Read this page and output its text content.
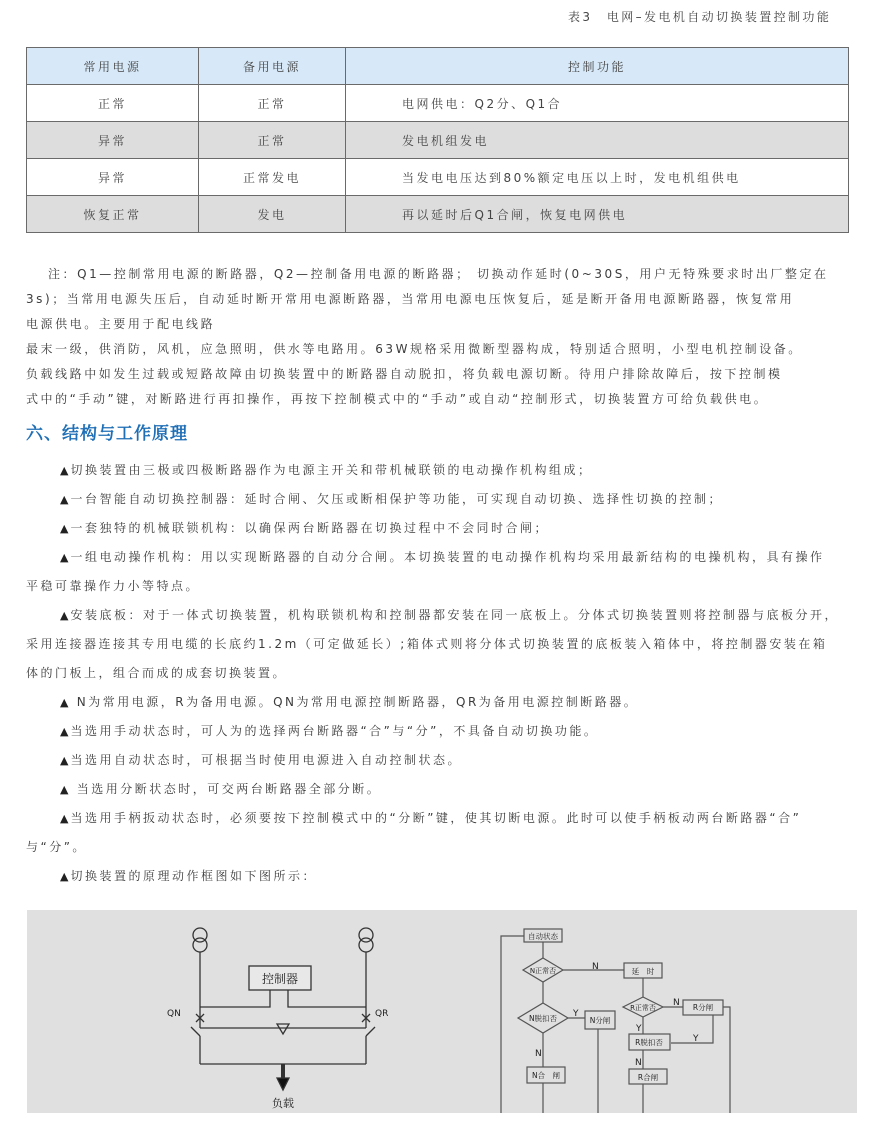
表3　电网–发电机自动切换装置控制功能
常用电源	备用电源	控制功能
正常	正常	电网供电：Q2分、Q1合
异常	正常	发电机组发电
异常	正常发电	当发电电压达到80%额定电压以上时，发电机组供电
恢复正常	发电	再以延时后Q1合闸，恢复电网供电
注：Q1—控制常用电源的断路器，Q2—控制备用电源的断路器； 切换动作延时(0~30S，用户无特殊要求时出厂整定在
3s)；当常用电源失压后，自动延时断开常用电源断路器，当常用电源电压恢复后，延是断开备用电源断路器，恢复常用
电源供电。主要用于配电线路
最末一级，供消防，风机，应急照明，供水等电路用。63W规格采用微断型器构成，特别适合照明，小型电机控制设备。
负载线路中如发生过载或短路故障由切换装置中的断路器自动脱扣，将负载电源切断。待用户排除故障后，按下控制模
式中的“手动”键，对断路进行再扣操作，再按下控制模式中的“手动”或自动“控制形式，切换装置方可给负载供电。
六、结构与工作原理
▲ 切换装置由三极或四极断路器作为电源主开关和带机械联锁的电动操作机构组成；
▲ 一台智能自动切换控制器：延时合闸、欠压或断相保护等功能，可实现自动切换、选择性切换的控制；
▲ 一套独特的机械联锁机构：以确保两台断路器在切换过程中不会同时合闸；
▲ 一组电动操作机构：用以实现断路器的自动分合闸。本切换装置的电动操作机构均采用最新结构的电操机构，具有操作
平稳可靠操作力小等特点。
▲ 安装底板：对于一体式切换装置，机构联锁机构和控制器都安装在同一底板上。分体式切换装置则将控制器与底板分开，
采用连接器连接其专用电缆的长底约1.2m（可定做延长）;箱体式则将分体式切换装置的底板装入箱体中，将控制器安装在箱
体的门板上，组合而成的成套切换装置。
▲ N为常用电源，R为备用电源。QN为常用电源控制断路器，QR为备用电源控制断路器。
▲ 当选用手动状态时，可人为的选择两台断路器“合”与“分”，不具备自动切换功能。
▲ 当选用自动状态时，可根据当时使用电源进入自动控制状态。
▲ 当选用分断状态时，可交两台断路器全部分断。
▲ 当选用手柄扳动状态时，必须要按下控制模式中的“分断”键，使其切断电源。此时可以使手柄板动两台断路器“合”
与“分”。
▲ 切换装置的原理动作框图如下图所示：
控制器
QN	QR
负载
自动状态
N正常否	延　时
N脱扣否	N分闸
N合　闸
R正常否	R分闸
R脱扣否
R合闸
N
Y
N
N
Y
Y
N
